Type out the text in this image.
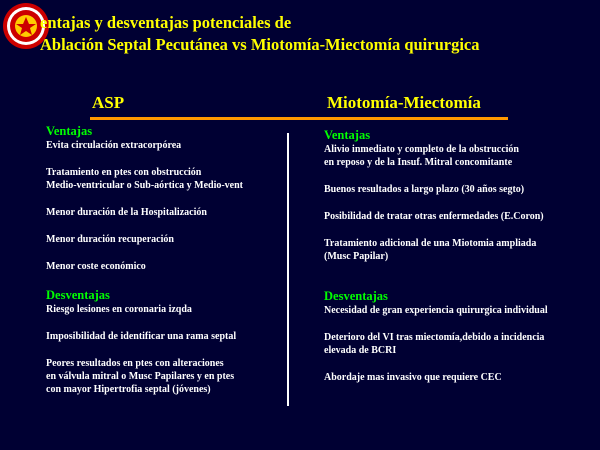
entajas y desventajas potenciales de
Ablación Septal Pecutánea vs Miotomía-Miectomía quirurgica
ASP	Miotomía-Miectomía
Ventajas
Evita circulación extracorpórea
Tratamiento en ptes con obstrucción
Medio-ventricular o Sub-aórtica y Medio-vent
Menor duración de la Hospitalización
Menor duración recuperación
Menor coste económico
Desventajas
Riesgo lesiones en coronaria izqda
Imposibilidad de identificar una rama septal
Peores resultados en ptes con alteraciones
en válvula mitral o Musc Papilares y en ptes
con mayor Hipertrofia septal (jóvenes)
Ventajas
Alivio inmediato y completo de la obstrucción
en reposo y de la Insuf. Mitral concomitante
Buenos resultados a largo plazo (30 años segto)
Posibilidad de tratar otras enfermedades (E.Coron)
Tratamiento adicional de una Miotomia ampliada
(Musc Papilar)
Desventajas
Necesidad de gran experiencia quirurgica individual
Deterioro del VI tras miectomía,debido a incidencia
elevada de BCRI
Abordaje mas invasivo que requiere CEC
